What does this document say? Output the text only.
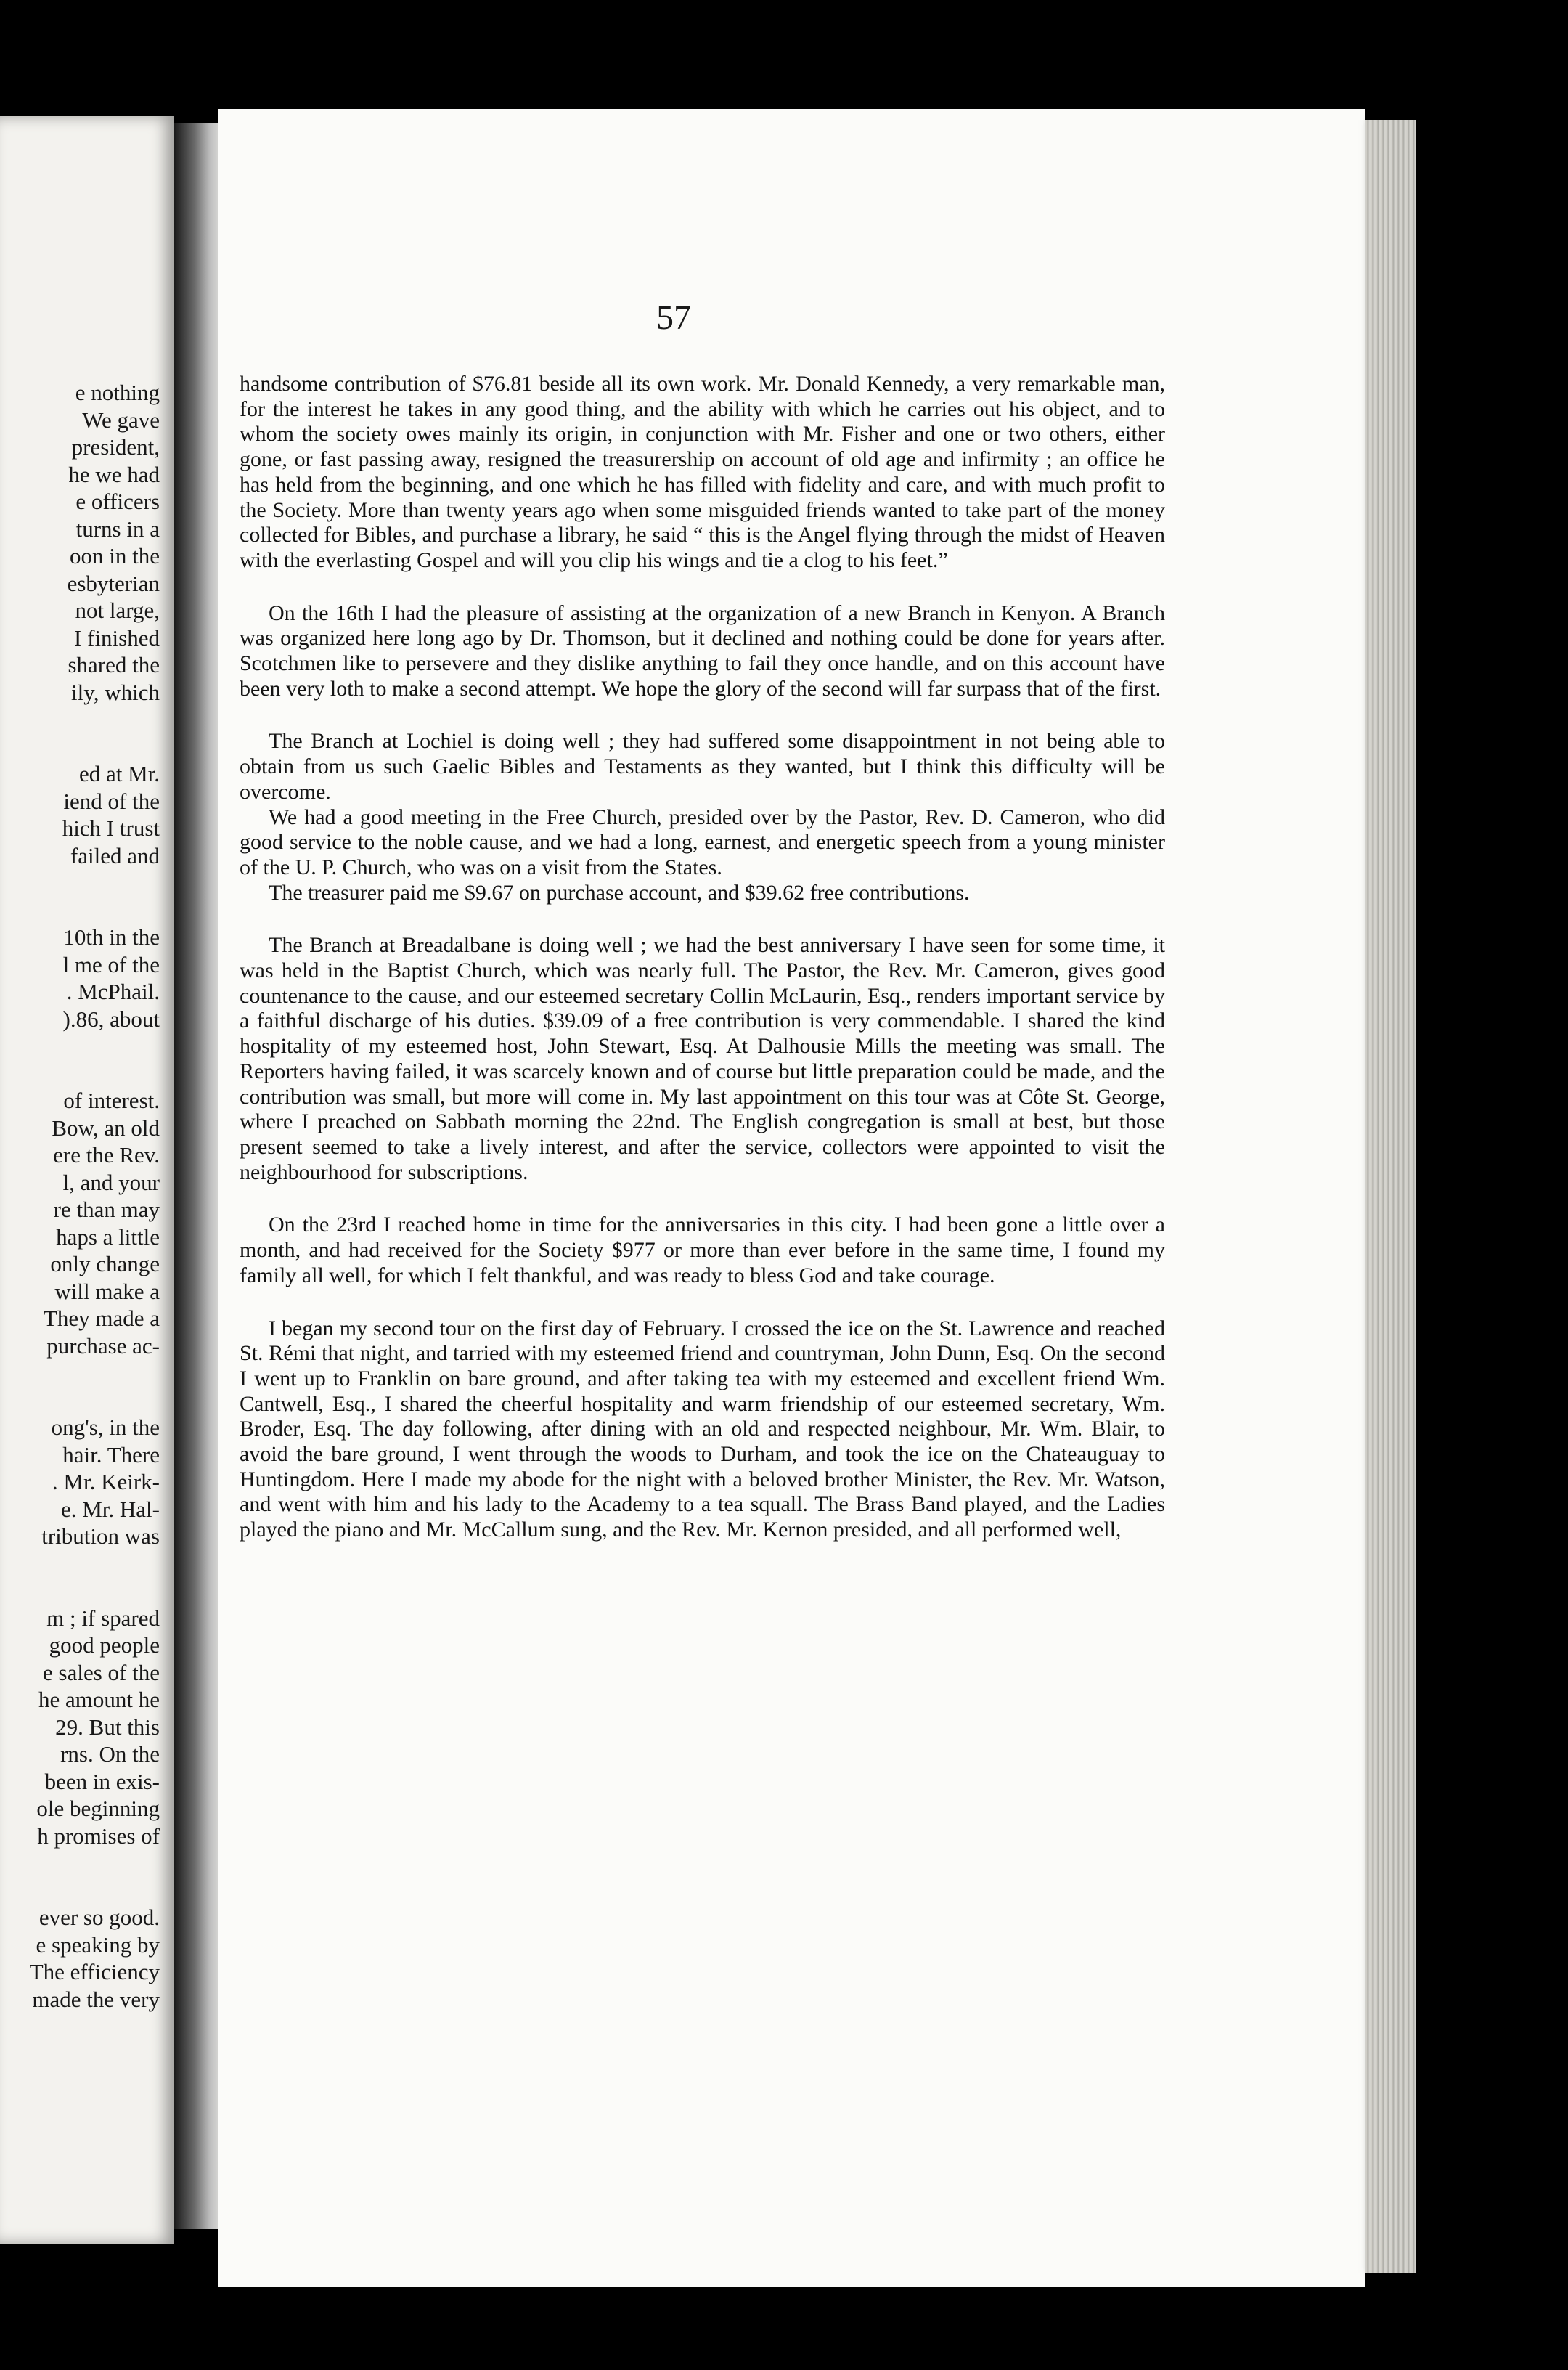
e nothing
We gave
president,
he we had
e officers
turns in a
oon in the
esbyterian
not large,
I finished
shared the
ily, which

ed at Mr.
iend of the
hich I trust
failed and

10th in the
l me of the
. McPhail.
).86, about

of interest.
Bow, an old
ere the Rev.
l, and your
re than may
haps a little
only change
will make a
They made a
purchase ac-

ong's, in the
hair. There
. Mr. Keirk-
e. Mr. Hal-
tribution was

m ; if spared
good people
e sales of the
he amount he
29. But this
rns. On the
been in exis-
ole beginning
h promises of

ever so good.
e speaking by
The efficiency
made the very
57

handsome contribution of $76.81 beside all its own work. Mr. Donald Kennedy, a very remarkable man, for the interest he takes in any good thing, and the ability with which he carries out his object, and to whom the society owes mainly its origin, in conjunction with Mr. Fisher and one or two others, either gone, or fast passing away, resigned the treasurership on account of old age and infirmity ; an office he has held from the beginning, and one which he has filled with fidelity and care, and with much profit to the Society. More than twenty years ago when some misguided friends wanted to take part of the money collected for Bibles, and purchase a library, he said “ this is the Angel flying through the midst of Heaven with the everlasting Gospel and will you clip his wings and tie a clog to his feet.”

On the 16th I had the pleasure of assisting at the organization of a new Branch in Kenyon. A Branch was organized here long ago by Dr. Thomson, but it declined and nothing could be done for years after. Scotchmen like to persevere and they dislike anything to fail they once handle, and on this account have been very loth to make a second attempt. We hope the glory of the second will far surpass that of the first.

The Branch at Lochiel is doing well ; they had suffered some disappointment in not being able to obtain from us such Gaelic Bibles and Testaments as they wanted, but I think this difficulty will be overcome.

We had a good meeting in the Free Church, presided over by the Pastor, Rev. D. Cameron, who did good service to the noble cause, and we had a long, earnest, and energetic speech from a young minister of the U. P. Church, who was on a visit from the States.

The treasurer paid me $9.67 on purchase account, and $39.62 free contributions.

The Branch at Breadalbane is doing well ; we had the best anniversary I have seen for some time, it was held in the Baptist Church, which was nearly full. The Pastor, the Rev. Mr. Cameron, gives good countenance to the cause, and our esteemed secretary Collin McLaurin, Esq., renders important service by a faithful discharge of his duties. $39.09 of a free contribution is very commendable. I shared the kind hospitality of my esteemed host, John Stewart, Esq. At Dalhousie Mills the meeting was small. The Reporters having failed, it was scarcely known and of course but little preparation could be made, and the contribution was small, but more will come in. My last appointment on this tour was at Côte St. George, where I preached on Sabbath morning the 22nd. The English congregation is small at best, but those present seemed to take a lively interest, and after the service, collectors were appointed to visit the neighbourhood for subscriptions.

On the 23rd I reached home in time for the anniversaries in this city. I had been gone a little over a month, and had received for the Society $977 or more than ever before in the same time, I found my family all well, for which I felt thankful, and was ready to bless God and take courage.

I began my second tour on the first day of February. I crossed the ice on the St. Lawrence and reached St. Rémi that night, and tarried with my esteemed friend and countryman, John Dunn, Esq. On the second I went up to Franklin on bare ground, and after taking tea with my esteemed and excellent friend Wm. Cantwell, Esq., I shared the cheerful hospitality and warm friendship of our esteemed secretary, Wm. Broder, Esq. The day following, after dining with an old and respected neighbour, Mr. Wm. Blair, to avoid the bare ground, I went through the woods to Durham, and took the ice on the Chateauguay to Huntingdom. Here I made my abode for the night with a beloved brother Minister, the Rev. Mr. Watson, and went with him and his lady to the Academy to a tea squall. The Brass Band played, and the Ladies played the piano and Mr. McCallum sung, and the Rev. Mr. Kernon presided, and all performed well,
